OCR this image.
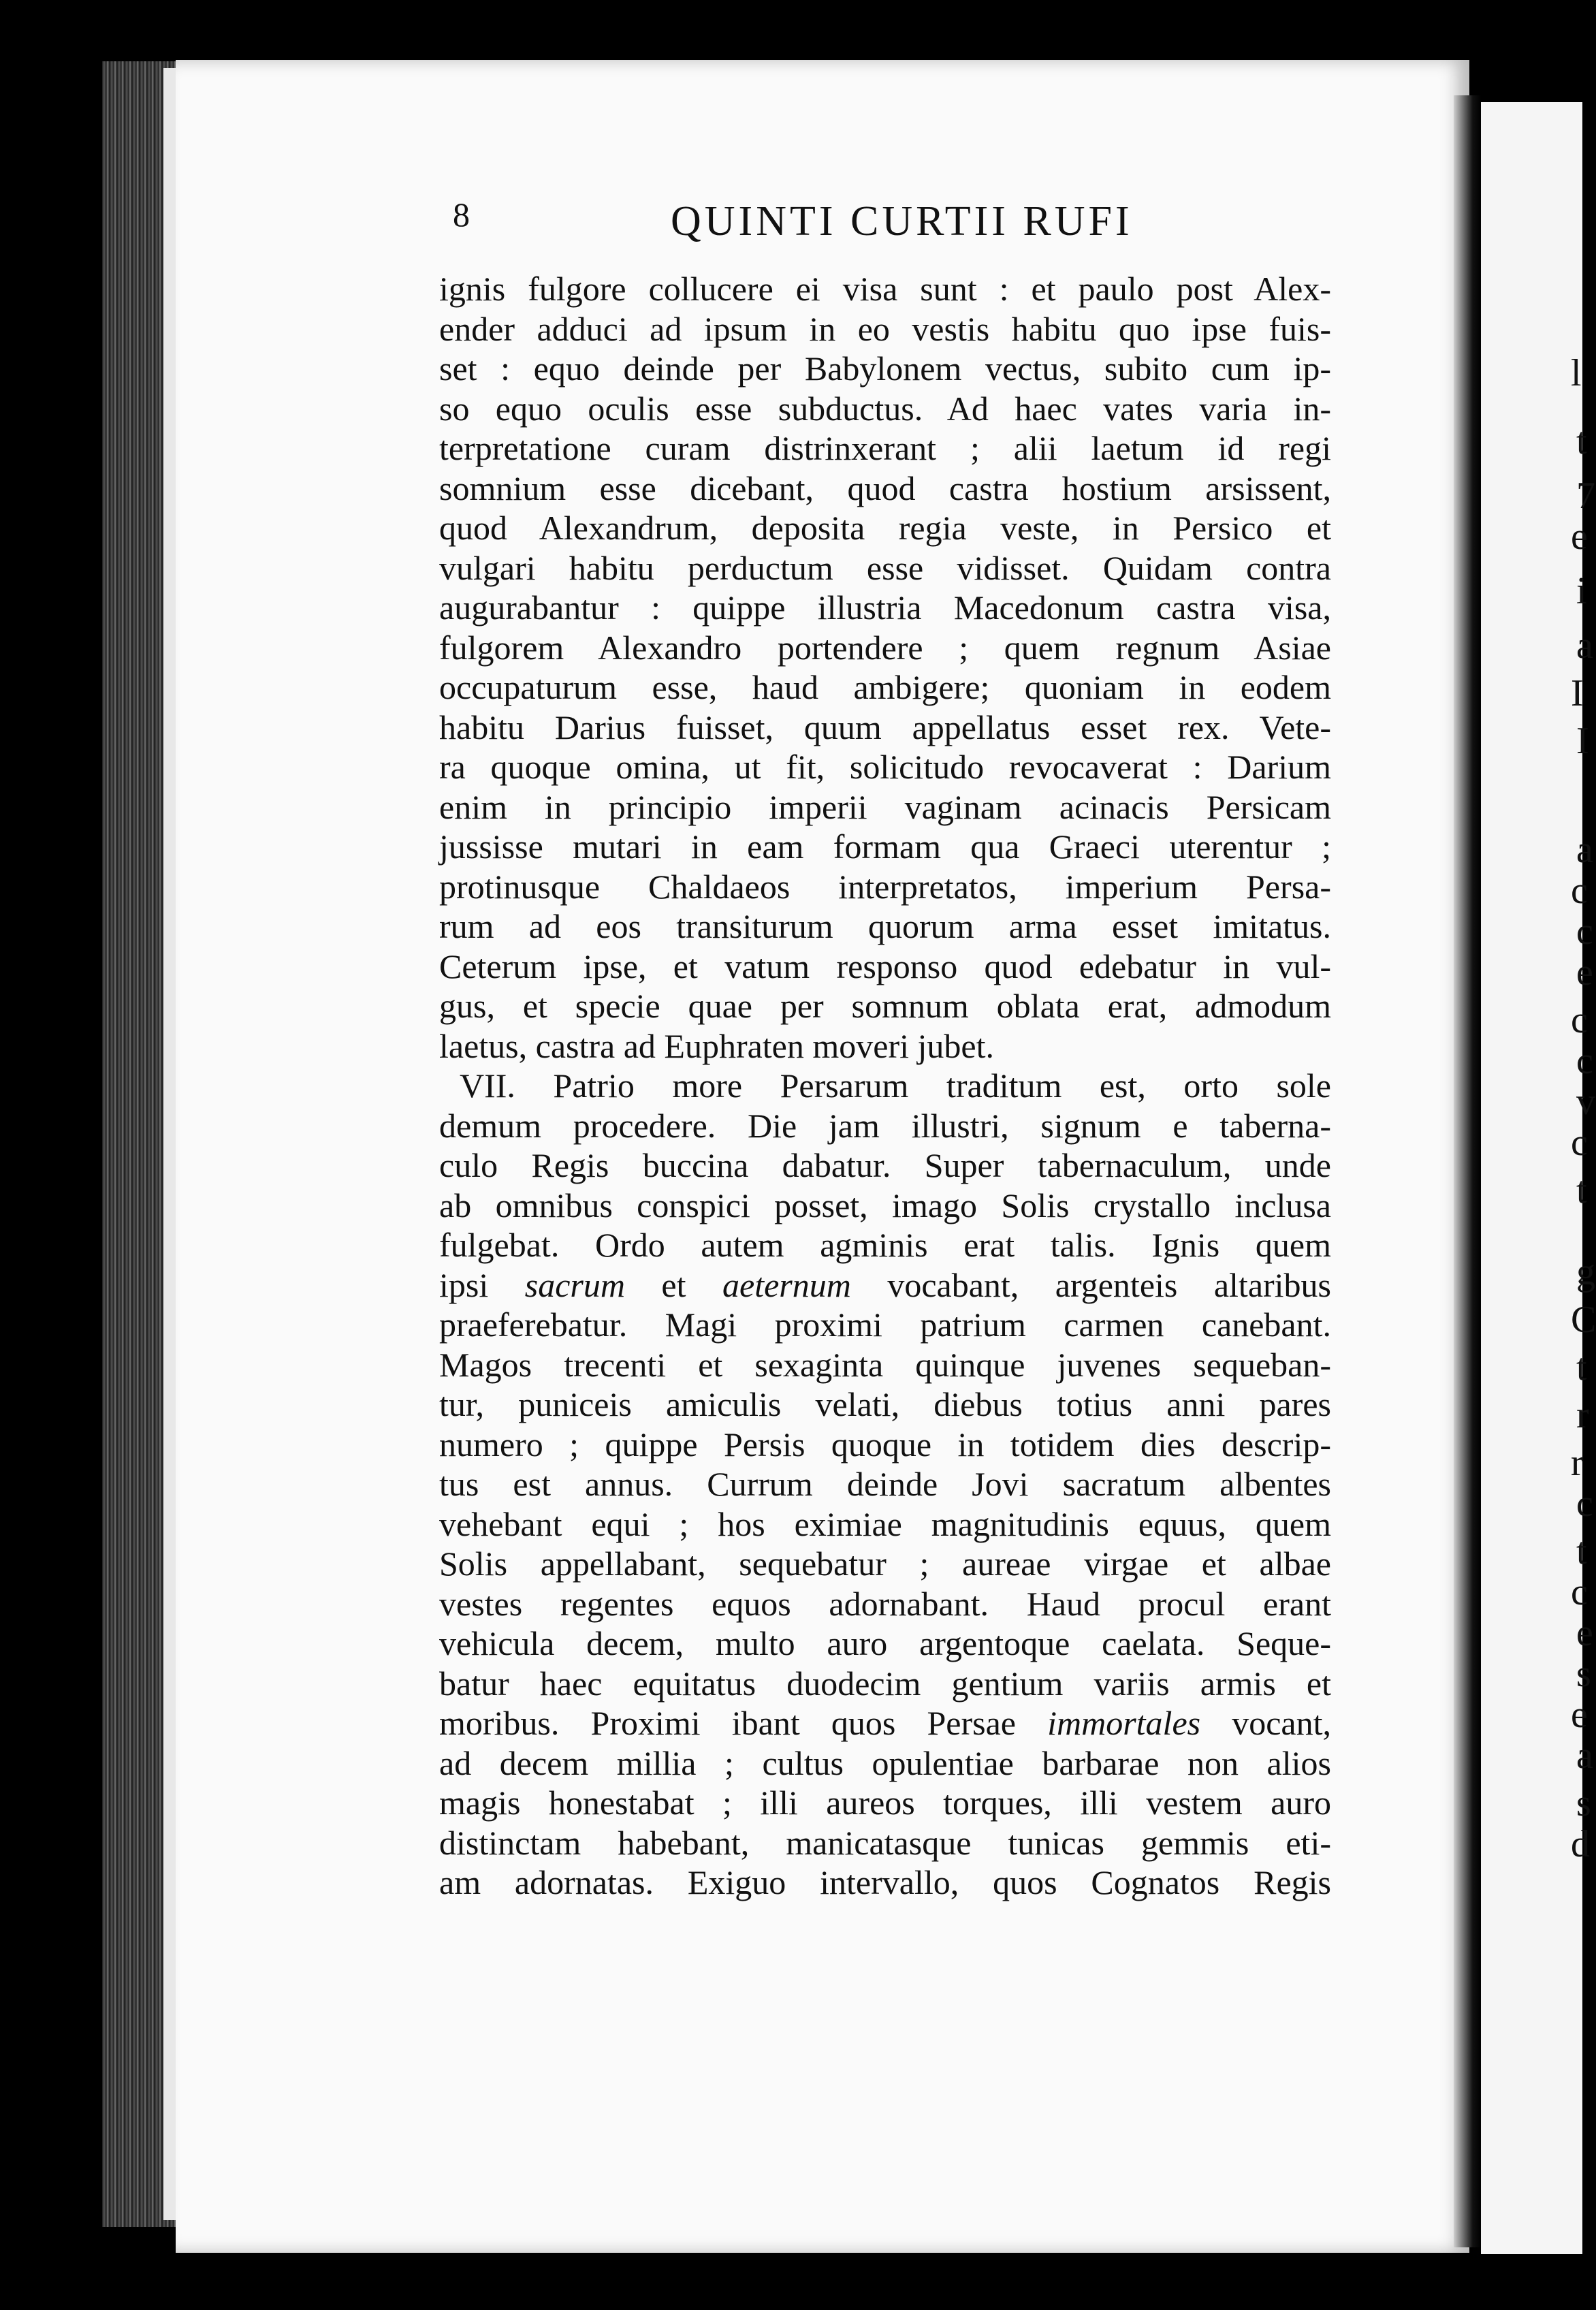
l
t
7
e
i
a
I
I
a
c
c
e
c
c
v
c
t
g
C
t
r
r
c
t
c
e
s
e
a
s
d
8	QUINTI CURTII RUFI
ignis fulgore collucere ei visa sunt : et paulo post Alex-
ender adduci ad ipsum in eo vestis habitu quo ipse fuis-
set : equo deinde per Babylonem vectus, subito cum ip-
so equo oculis esse subductus. Ad haec vates varia in-
terpretatione curam distrinxerant ; alii laetum id regi
somnium esse dicebant, quod castra hostium arsissent,
quod Alexandrum, deposita regia veste, in Persico et
vulgari habitu perductum esse vidisset. Quidam contra
augurabantur : quippe illustria Macedonum castra visa,
fulgorem Alexandro portendere ; quem regnum Asiae
occupaturum esse, haud ambigere; quoniam in eodem
habitu Darius fuisset, quum appellatus esset rex. Vete-
ra quoque omina, ut fit, solicitudo revocaverat : Darium
enim in principio imperii vaginam acinacis Persicam
jussisse mutari in eam formam qua Graeci uterentur ;
protinusque Chaldaeos interpretatos, imperium Persa-
rum ad eos transiturum quorum arma esset imitatus.
Ceterum ipse, et vatum responso quod edebatur in vul-
gus, et specie quae per somnum oblata erat, admodum
laetus, castra ad Euphraten moveri jubet.
VII. Patrio more Persarum traditum est, orto sole
demum procedere. Die jam illustri, signum e taberna-
culo Regis buccina dabatur. Super tabernaculum, unde
ab omnibus conspici posset, imago Solis crystallo inclusa
fulgebat. Ordo autem agminis erat talis. Ignis quem
ipsi sacrum et aeternum vocabant, argenteis altaribus
praeferebatur. Magi proximi patrium carmen canebant.
Magos trecenti et sexaginta quinque juvenes sequeban-
tur, puniceis amiculis velati, diebus totius anni pares
numero ; quippe Persis quoque in totidem dies descrip-
tus est annus. Currum deinde Jovi sacratum albentes
vehebant equi ; hos eximiae magnitudinis equus, quem
Solis appellabant, sequebatur ; aureae virgae et albae
vestes regentes equos adornabant. Haud procul erant
vehicula decem, multo auro argentoque caelata. Seque-
batur haec equitatus duodecim gentium variis armis et
moribus. Proximi ibant quos Persae immortales vocant,
ad decem millia ; cultus opulentiae barbarae non alios
magis honestabat ; illi aureos torques, illi vestem auro
distinctam habebant, manicatasque tunicas gemmis eti-
am adornatas. Exiguo intervallo, quos Cognatos Regis
